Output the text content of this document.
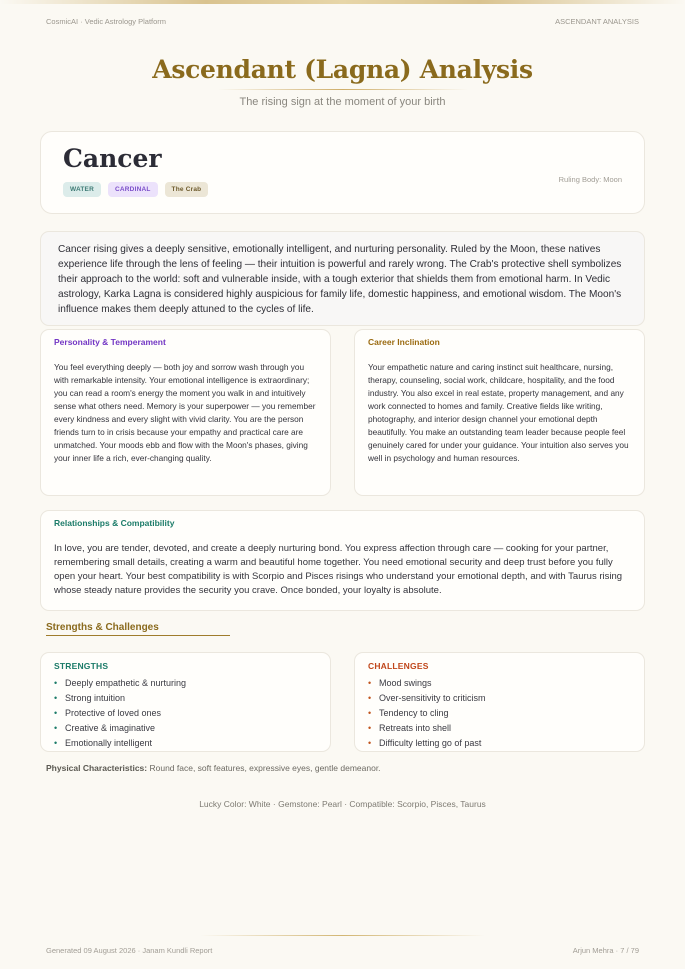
CosmicAI · Vedic Astrology Platform	ASCENDANT ANALYSIS
Ascendant (Lagna) Analysis
The rising sign at the moment of your birth
Cancer
WATER	CARDINAL	The Crab
Ruling Body: Moon
Cancer rising gives a deeply sensitive, emotionally intelligent, and nurturing personality. Ruled by the Moon, these natives experience life through the lens of feeling — their intuition is powerful and rarely wrong. The Crab's protective shell symbolizes their approach to the world: soft and vulnerable inside, with a tough exterior that shields them from emotional harm. In Vedic astrology, Karka Lagna is considered highly auspicious for family life, domestic happiness, and emotional wisdom. The Moon's influence makes them deeply attuned to the cycles of life.
Personality & Temperament
You feel everything deeply — both joy and sorrow wash through you with remarkable intensity. Your emotional intelligence is extraordinary; you can read a room's energy the moment you walk in and intuitively sense what others need. Memory is your superpower — you remember every kindness and every slight with vivid clarity. You are the person friends turn to in crisis because your empathy and practical care are unmatched. Your moods ebb and flow with the Moon's phases, giving your inner life a rich, ever-changing quality.
Career Inclination
Your empathetic nature and caring instinct suit healthcare, nursing, therapy, counseling, social work, childcare, hospitality, and the food industry. You also excel in real estate, property management, and any work connected to homes and family. Creative fields like writing, photography, and interior design channel your emotional depth beautifully. You make an outstanding team leader because people feel genuinely cared for under your guidance. Your intuition also serves you well in psychology and human resources.
Relationships & Compatibility
In love, you are tender, devoted, and create a deeply nurturing bond. You express affection through care — cooking for your partner, remembering small details, creating a warm and beautiful home together. You need emotional security and deep trust before you fully open your heart. Your best compatibility is with Scorpio and Pisces risings who understand your emotional depth, and with Taurus rising whose steady nature provides the security you crave. Once bonded, your loyalty is absolute.
Strengths & Challenges
STRENGTHS
• Deeply empathetic & nurturing
• Strong intuition
• Protective of loved ones
• Creative & imaginative
• Emotionally intelligent
CHALLENGES
• Mood swings
• Over-sensitivity to criticism
• Tendency to cling
• Retreats into shell
• Difficulty letting go of past
Physical Characteristics: Round face, soft features, expressive eyes, gentle demeanor.
Lucky Color: White · Gemstone: Pearl · Compatible: Scorpio, Pisces, Taurus
Generated 09 August 2026 · Janam Kundli Report	Arjun Mehra · 7 / 79
